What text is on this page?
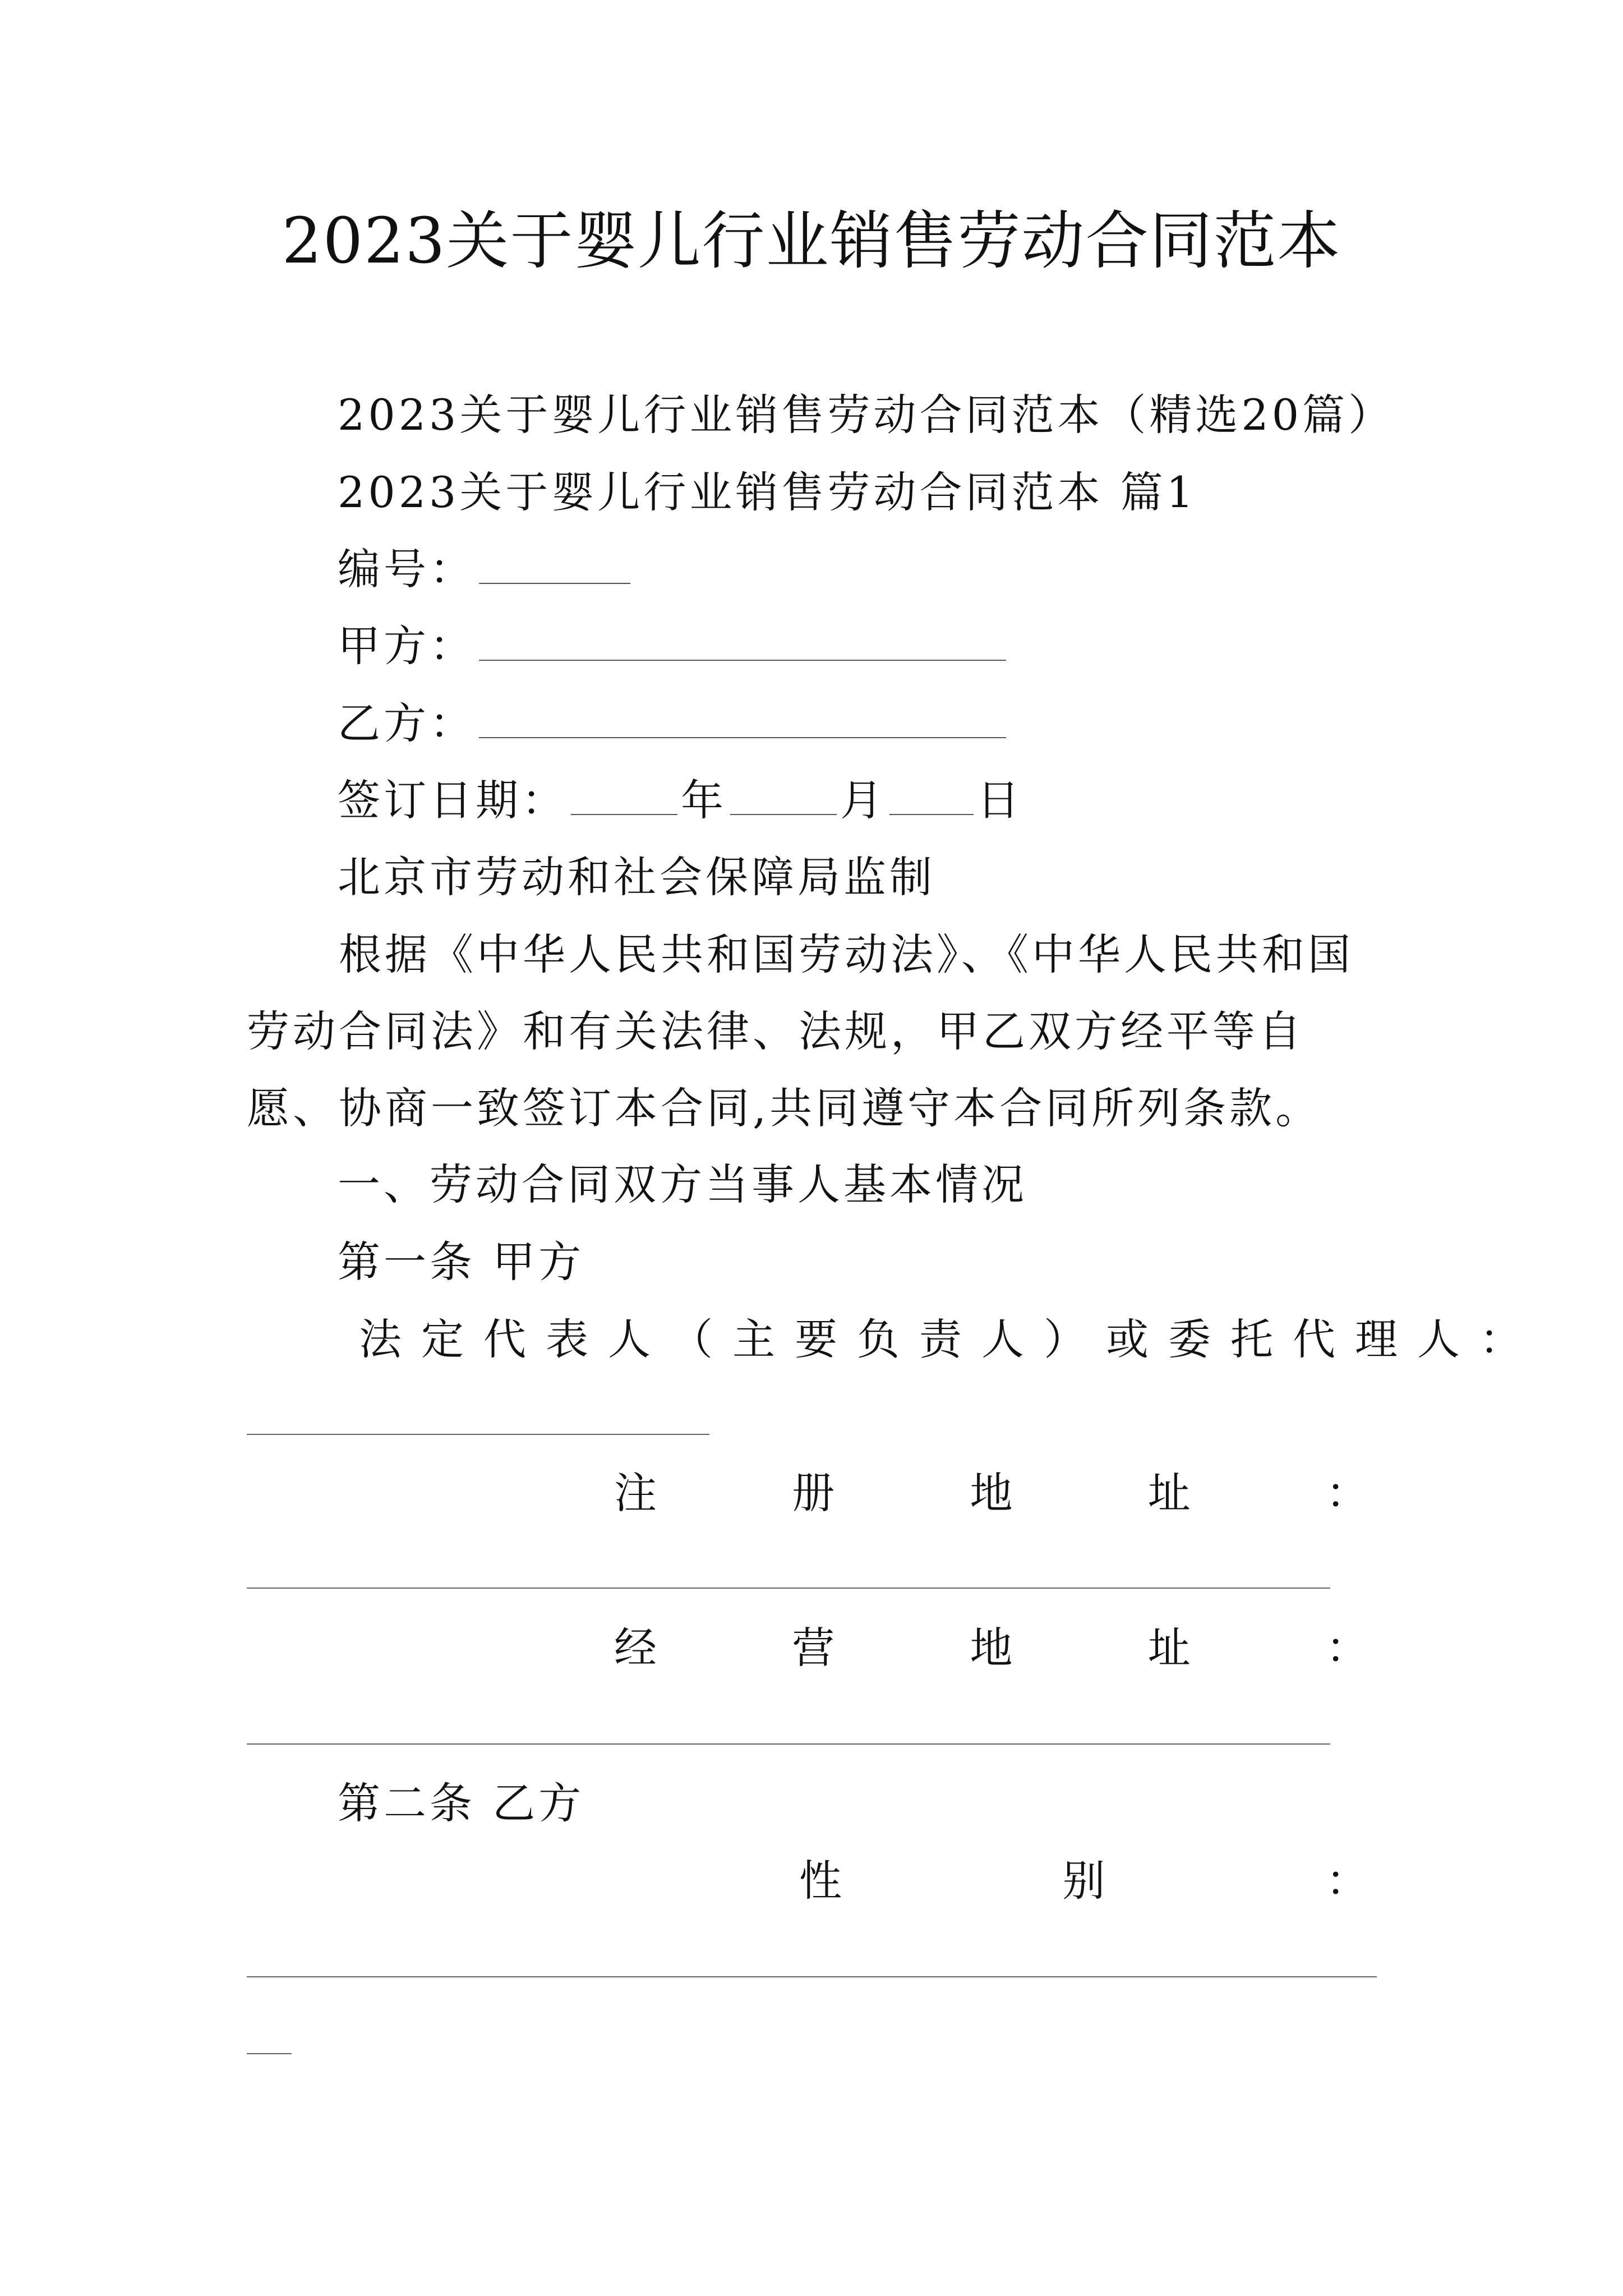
2023关于婴儿行业销售劳动合同范本
2023关于婴儿行业销售劳动合同范本（精选20篇）
2023关于婴儿行业销售劳动合同范本 篇1
编号：
甲方：
乙方：
签订日期：	年	月 日
北京市劳动和社会保障局监制

根据《中华人民共和国劳动法》、《中华人民共和国劳动合同法》和有关法律、法规，甲乙双方经平等自愿、协商一致签订本合同,共同遵守本合同所列条款。

一、劳动合同双方当事人基本情况
第一条 甲方
法定代表人（主要负责人）或委托代理人：
注	册	地	址	：
经	营	地	址	：
第二条 乙方
性	别	：
